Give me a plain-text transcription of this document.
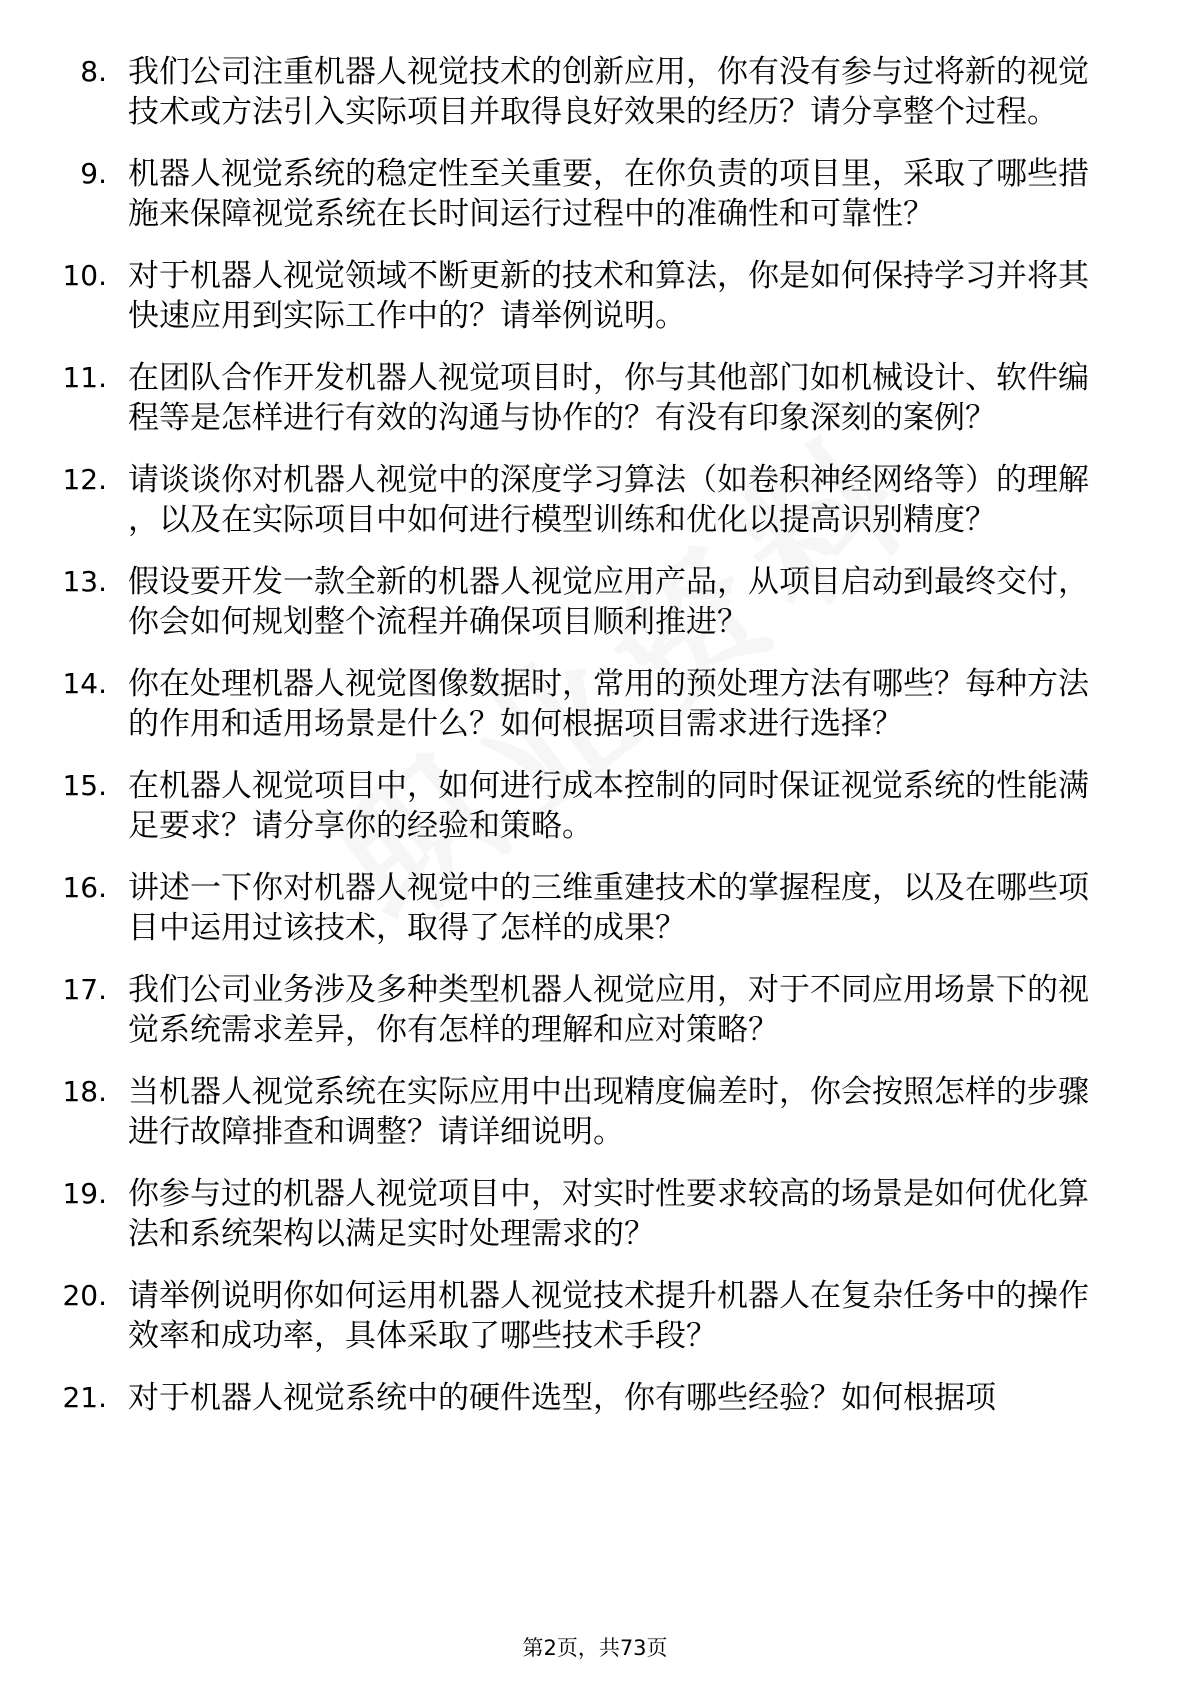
8. 我们公司注重机器人视觉技术的创新应用，你有没有参与过将新的视觉技术或方法引入实际项目并取得良好效果的经历？请分享整个过程。
9. 机器人视觉系统的稳定性至关重要，在你负责的项目里，采取了哪些措施来保障视觉系统在长时间运行过程中的准确性和可靠性？
10. 对于机器人视觉领域不断更新的技术和算法，你是如何保持学习并将其快速应用到实际工作中的？请举例说明。
11. 在团队合作开发机器人视觉项目时，你与其他部门如机械设计、软件编程等是怎样进行有效的沟通与协作的？有没有印象深刻的案例？
12. 请谈谈你对机器人视觉中的深度学习算法（如卷积神经网络等）的理解，以及在实际项目中如何进行模型训练和优化以提高识别精度？
13. 假设要开发一款全新的机器人视觉应用产品，从项目启动到最终交付，你会如何规划整个流程并确保项目顺利推进？
14. 你在处理机器人视觉图像数据时，常用的预处理方法有哪些？每种方法的作用和适用场景是什么？如何根据项目需求进行选择？
15. 在机器人视觉项目中，如何进行成本控制的同时保证视觉系统的性能满足要求？请分享你的经验和策略。
16. 讲述一下你对机器人视觉中的三维重建技术的掌握程度，以及在哪些项目中运用过该技术，取得了怎样的成果？
17. 我们公司业务涉及多种类型机器人视觉应用，对于不同应用场景下的视觉系统需求差异，你有怎样的理解和应对策略？
18. 当机器人视觉系统在实际应用中出现精度偏差时，你会按照怎样的步骤进行故障排查和调整？请详细说明。
19. 你参与过的机器人视觉项目中，对实时性要求较高的场景是如何优化算法和系统架构以满足实时处理需求的？
20. 请举例说明你如何运用机器人视觉技术提升机器人在复杂任务中的操作效率和成功率，具体采取了哪些技术手段？
21. 对于机器人视觉系统中的硬件选型，你有哪些经验？如何根据项
第2页，共73页
